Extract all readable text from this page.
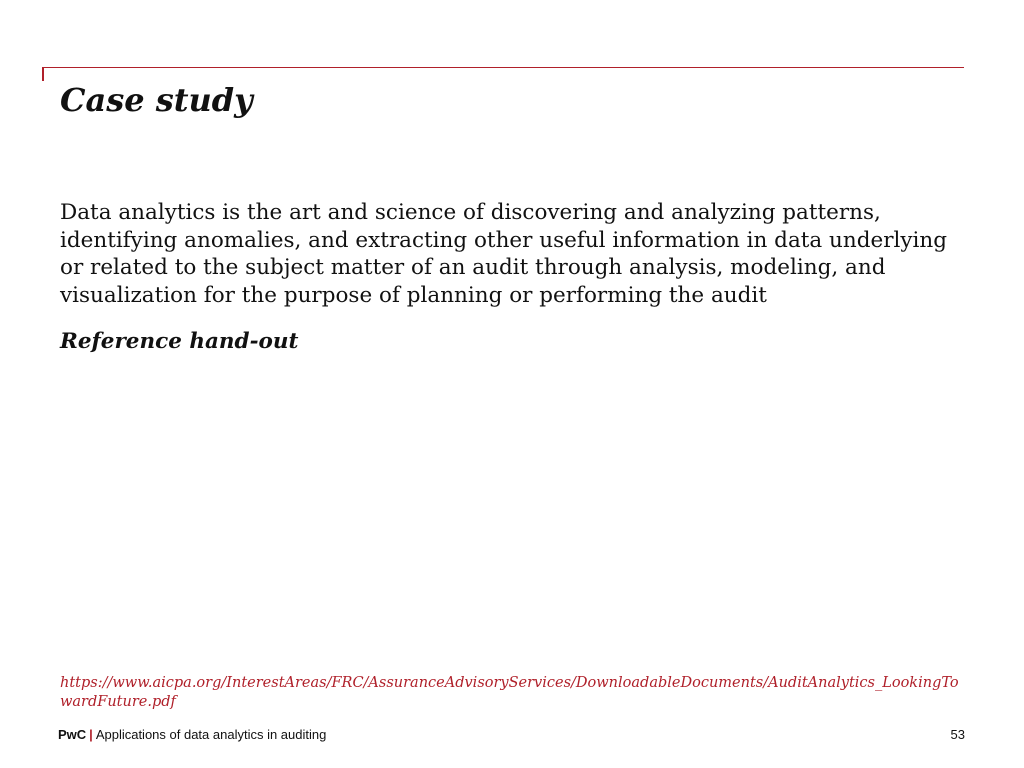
Case study

Data analytics is the art and science of discovering and analyzing patterns, identifying anomalies, and extracting other useful information in data underlying or related to the subject matter of an audit through analysis, modeling, and visualization for the purpose of planning or performing the audit

Reference hand-out

https://www.aicpa.org/InterestAreas/FRC/AssuranceAdvisoryServices/DownloadableDocuments/AuditAnalytics_LookingTowardFuture.pdf
PwC | Applications of data analytics in auditing	53
